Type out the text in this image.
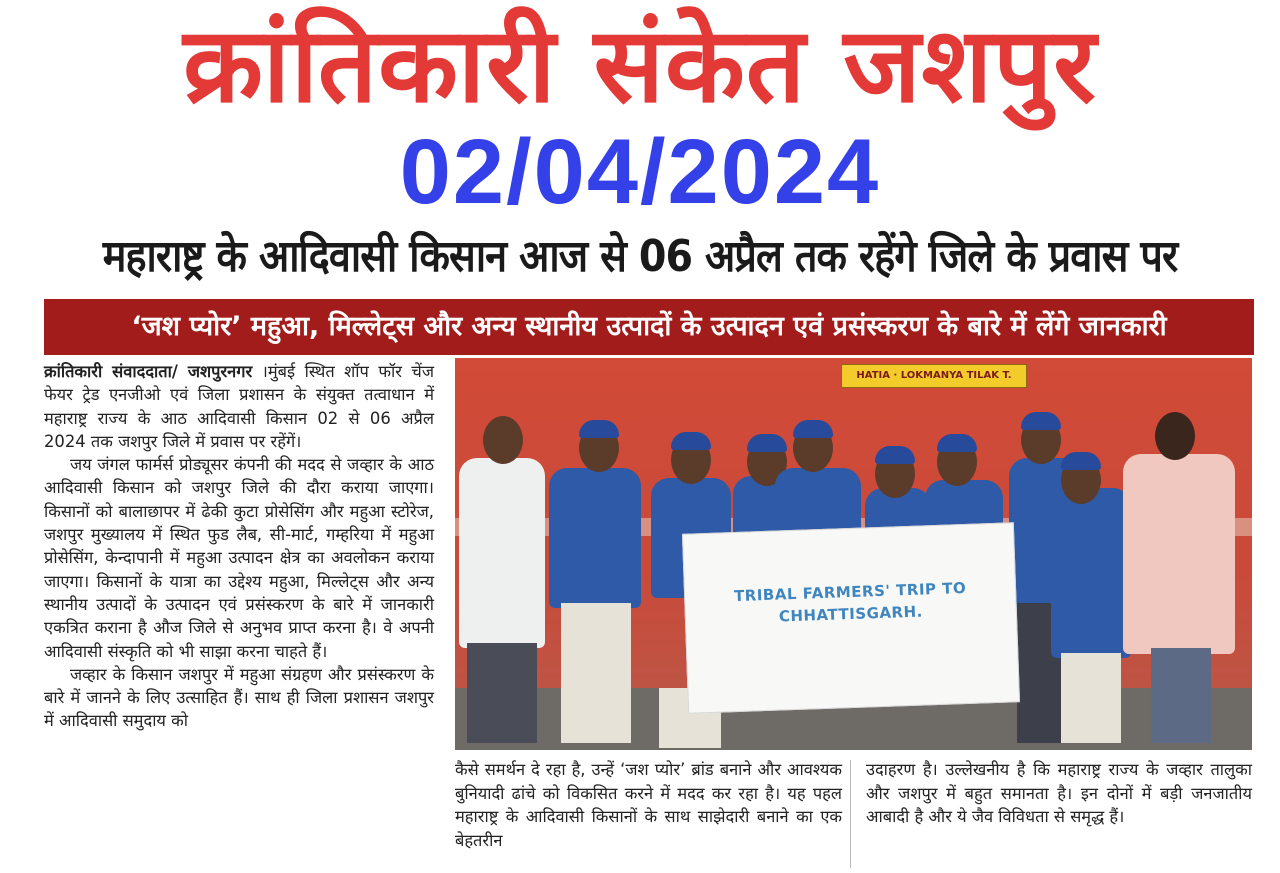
क्रांतिकारी संकेत जशपुर
02/04/2024
महाराष्ट्र के आदिवासी किसान आज से 06 अप्रैल तक रहेंगे जिले के प्रवास पर
‘जश प्योर’ महुआ, मिल्लेट्स और अन्य स्थानीय उत्पादों के उत्पादन एवं प्रसंस्करण के बारे में लेंगे जानकारी

क्रांतिकारी संवाददाता/ जशपुरनगर ।मुंबई स्थित शॉप फॉर चेंज फेयर ट्रेड एनजीओ एवं जिला प्रशासन के संयुक्त तत्वाधान में महाराष्ट्र राज्य के आठ आदिवासी किसान 02 से 06 अप्रैल 2024 तक जशपुर जिले में प्रवास पर रहेंगें।

जय जंगल फार्मर्स प्रोड्यूसर कंपनी की मदद से जव्हार के आठ आदिवासी किसान को जशपुर जिले की दौरा कराया जाएगा। किसानों को बालाछापर में ढेकी कुटा प्रोसेसिंग और महुआ स्टोरेज, जशपुर मुख्यालय में स्थित फुड लैब, सी-मार्ट, गम्हरिया में महुआ प्रोसेसिंग, केन्दापानी में महुआ उत्पादन क्षेत्र का अवलोकन कराया जाएगा। किसानों के यात्रा का उद्देश्य महुआ, मिल्लेट्स और अन्य स्थानीय उत्पादों के उत्पादन एवं प्रसंस्करण के बारे में जानकारी एकत्रित कराना है औज जिले से अनुभव प्राप्त करना है। वे अपनी आदिवासी संस्कृति को भी साझा करना चाहते हैं।

जव्हार के किसान जशपुर में महुआ संग्रहण और प्रसंस्करण के बारे में जानने के लिए उत्साहित हैं। साथ ही जिला प्रशासन जशपुर में आदिवासी समुदाय को

HATIA · LOKMANYA TILAK T.
TRIBAL FARMERS' TRIP TO
CHHATTISGARH.

कैसे समर्थन दे रहा है, उन्हें ‘जश प्योर’ ब्रांड बनाने और आवश्यक बुनियादी ढांचे को विकसित करने में मदद कर रहा है। यह पहल महाराष्ट्र के आदिवासी किसानों के साथ साझेदारी बनाने का एक बेहतरीन

उदाहरण है। उल्लेखनीय है कि महाराष्ट्र राज्य के जव्हार तालुका और जशपुर में बहुत समानता है। इन दोनों में बड़ी जनजातीय आबादी है और ये जैव विविधता से समृद्ध हैं।
